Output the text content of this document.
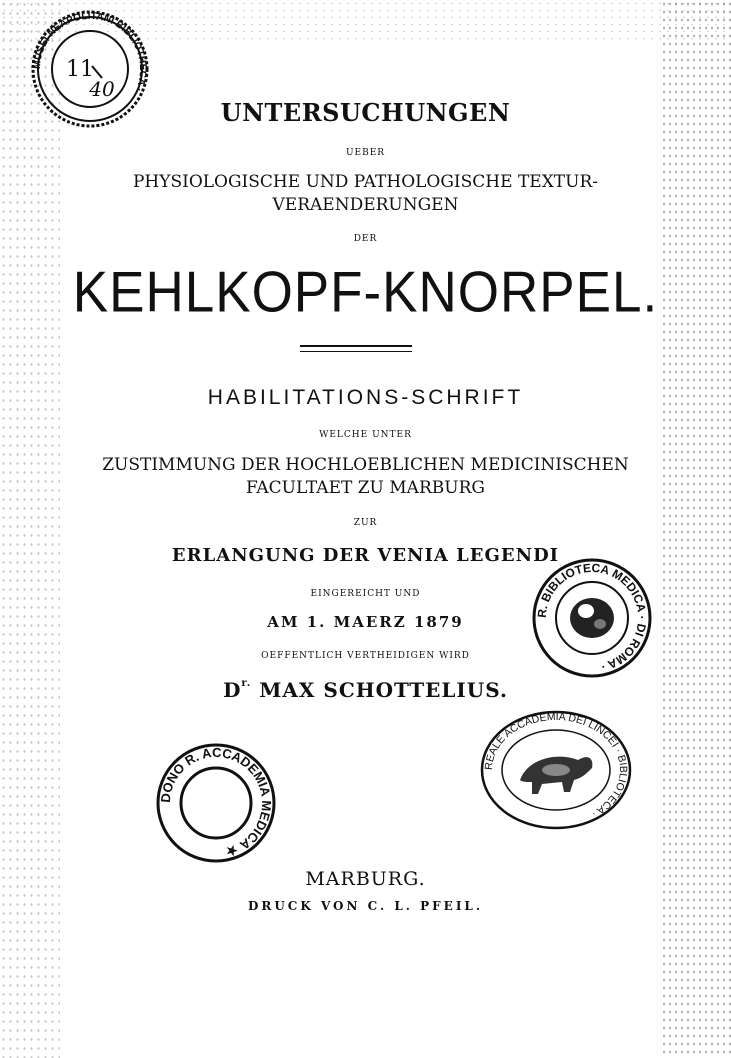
UNTERSUCHUNGEN
UEBER
PHYSIOLOGISCHE UND PATHOLOGISCHE TEXTUR-
VERAENDERUNGEN
DER
KEHLKOPF-KNORPEL.
HABILITATIONS-SCHRIFT
WELCHE UNTER
ZUSTIMMUNG DER HOCHLOEBLICHEN MEDICINISCHEN
FACULTAET ZU MARBURG
ZUR
ERLANGUNG DER VENIA LEGENDI
EINGEREICHT UND
AM 1. MAERZ 1879
OEFFENTLICH VERTHEIDIGEN WIRD
$D^{r.}$ MAX SCHOTTELIUS.
MARBURG.
DRUCK VON C. L. PFEIL.
MUSEI NEAPOLITANI BIBLIOTHECA ·
11
40
R. BIBLIOTECA MEDICA · DI ROMA ·
DONO R. ACCADEMIA MEDICA ★
REALE ACCADEMIA DEI LINCEI · BIBLIOTECA ·
